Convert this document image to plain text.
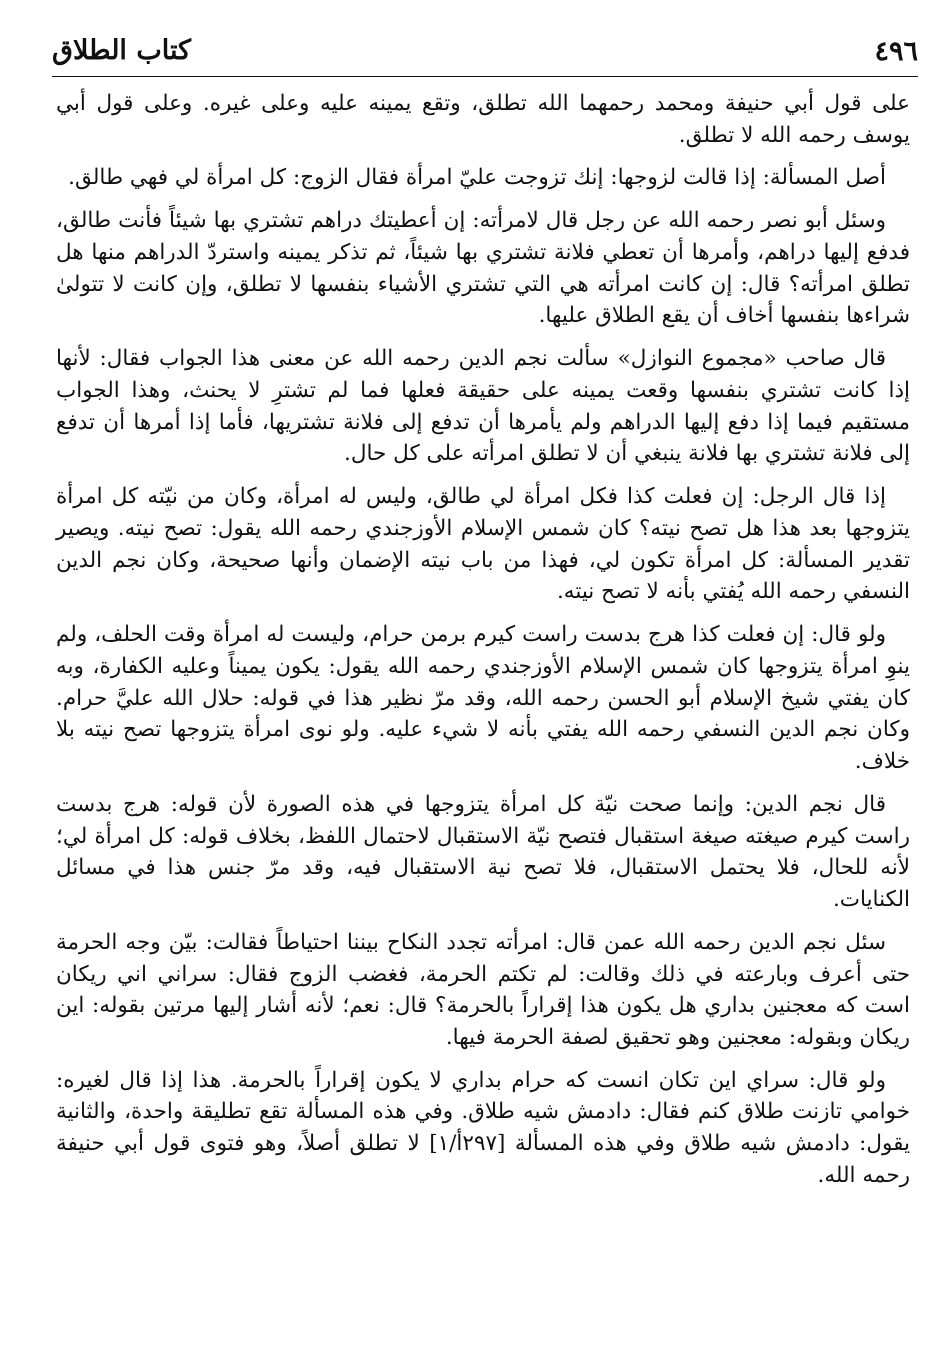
٤٩٦
كتاب الطلاق

على قول أبي حنيفة ومحمد رحمهما الله تطلق، وتقع يمينه عليه وعلى غيره. وعلى قول أبي يوسف رحمه الله لا تطلق.

أصل المسألة: إذا قالت لزوجها: إنك تزوجت عليّ امرأة فقال الزوج: كل امرأة لي فهي طالق.

وسئل أبو نصر رحمه الله عن رجل قال لامرأته: إن أعطيتك دراهم تشتري بها شيئاً فأنت طالق، فدفع إليها دراهم، وأمرها أن تعطي فلانة تشتري بها شيئاً، ثم تذكر يمينه واستردّ الدراهم منها هل تطلق امرأته؟ قال: إن كانت امرأته هي التي تشتري الأشياء بنفسها لا تطلق، وإن كانت لا تتولىٰ شراءها بنفسها أخاف أن يقع الطلاق عليها.

قال صاحب «مجموع النوازل» سألت نجم الدين رحمه الله عن معنى هذا الجواب فقال: لأنها إذا كانت تشتري بنفسها وقعت يمينه على حقيقة فعلها فما لم تشترِ لا يحنث، وهذا الجواب مستقيم فيما إذا دفع إليها الدراهم ولم يأمرها أن تدفع إلى فلانة تشتريها، فأما إذا أمرها أن تدفع إلى فلانة تشتري بها فلانة ينبغي أن لا تطلق امرأته على كل حال.

إذا قال الرجل: إن فعلت كذا فكل امرأة لي طالق، وليس له امرأة، وكان من نيّته كل امرأة يتزوجها بعد هذا هل تصح نيته؟ كان شمس الإسلام الأوزجندي رحمه الله يقول: تصح نيته. ويصير تقدير المسألة: كل امرأة تكون لي، فهذا من باب نيته الإضمان وأنها صحيحة، وكان نجم الدين النسفي رحمه الله يُفتي بأنه لا تصح نيته.

ولو قال: إن فعلت كذا هرج بدست راست كيرم برمن حرام، وليست له امرأة وقت الحلف، ولم ينوِ امرأة يتزوجها كان شمس الإسلام الأوزجندي رحمه الله يقول: يكون يميناً وعليه الكفارة، وبه كان يفتي شيخ الإسلام أبو الحسن رحمه الله، وقد مرّ نظير هذا في قوله: حلال الله عليَّ حرام. وكان نجم الدين النسفي رحمه الله يفتي بأنه لا شيء عليه. ولو نوى امرأة يتزوجها تصح نيته بلا خلاف.

قال نجم الدين: وإنما صحت نيّة كل امرأة يتزوجها في هذه الصورة لأن قوله: هرج بدست راست كيرم صيغته صيغة استقبال فتصح نيّة الاستقبال لاحتمال اللفظ، بخلاف قوله: كل امرأة لي؛ لأنه للحال، فلا يحتمل الاستقبال، فلا تصح نية الاستقبال فيه، وقد مرّ جنس هذا في مسائل الكنايات.

سئل نجم الدين رحمه الله عمن قال: امرأته تجدد النكاح بيننا احتياطاً فقالت: بيّن وجه الحرمة حتى أعرف وبارعته في ذلك وقالت: لم تكتم الحرمة، فغضب الزوج فقال: سراني اني ريكان است كه معجنين بداري هل يكون هذا إقراراً بالحرمة؟ قال: نعم؛ لأنه أشار إليها مرتين بقوله: اين ريكان وبقوله: معجنين وهو تحقيق لصفة الحرمة فيها.

ولو قال: سراي اين تكان انست كه حرام بداري لا يكون إقراراً بالحرمة. هذا إذا قال لغيره: خوامي تازنت طلاق كنم فقال: دادمش شيه طلاق. وفي هذه المسألة تقع تطليقة واحدة، والثانية يقول: دادمش شيه طلاق وفي هذه المسألة [٢٩٧أ/١] لا تطلق أصلاً، وهو فتوى قول أبي حنيفة رحمه الله.
